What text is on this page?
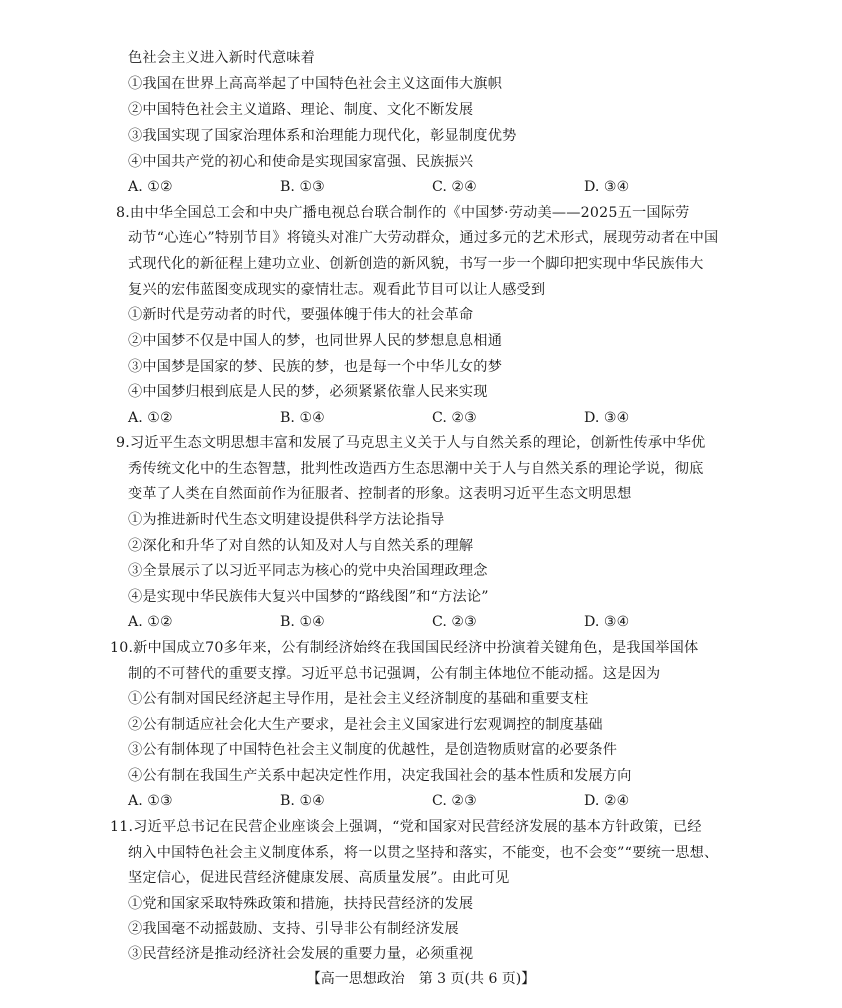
色社会主义进入新时代意味着
①我国在世界上高高举起了中国特色社会主义这面伟大旗帜
②中国特色社会主义道路、理论、制度、文化不断发展
③我国实现了国家治理体系和治理能力现代化，彰显制度优势
④中国共产党的初心和使命是实现国家富强、民族振兴
A. ①②	B. ①③	C. ②④	D. ③④
8.由中华全国总工会和中央广播电视总台联合制作的《中国梦·劳动美——2025五一国际劳
动节“心连心”特别节目》将镜头对准广大劳动群众，通过多元的艺术形式，展现劳动者在中国
式现代化的新征程上建功立业、创新创造的新风貌，书写一步一个脚印把实现中华民族伟大
复兴的宏伟蓝图变成现实的豪情壮志。观看此节目可以让人感受到
①新时代是劳动者的时代，要强体魄于伟大的社会革命
②中国梦不仅是中国人的梦，也同世界人民的梦想息息相通
③中国梦是国家的梦、民族的梦，也是每一个中华儿女的梦
④中国梦归根到底是人民的梦，必须紧紧依靠人民来实现
A. ①②	B. ①④	C. ②③	D. ③④
9.习近平生态文明思想丰富和发展了马克思主义关于人与自然关系的理论，创新性传承中华优
秀传统文化中的生态智慧，批判性改造西方生态思潮中关于人与自然关系的理论学说，彻底
变革了人类在自然面前作为征服者、控制者的形象。这表明习近平生态文明思想
①为推进新时代生态文明建设提供科学方法论指导
②深化和升华了对自然的认知及对人与自然关系的理解
③全景展示了以习近平同志为核心的党中央治国理政理念
④是实现中华民族伟大复兴中国梦的“路线图”和“方法论”
A. ①②	B. ①④	C. ②③	D. ③④
10.新中国成立70多年来，公有制经济始终在我国国民经济中扮演着关键角色，是我国举国体
制的不可替代的重要支撑。习近平总书记强调，公有制主体地位不能动摇。这是因为
①公有制对国民经济起主导作用，是社会主义经济制度的基础和重要支柱
②公有制适应社会化大生产要求，是社会主义国家进行宏观调控的制度基础
③公有制体现了中国特色社会主义制度的优越性，是创造物质财富的必要条件
④公有制在我国生产关系中起决定性作用，决定我国社会的基本性质和发展方向
A. ①③	B. ①④	C. ②③	D. ②④
11.习近平总书记在民营企业座谈会上强调，“党和国家对民营经济发展的基本方针政策，已经
纳入中国特色社会主义制度体系，将一以贯之坚持和落实，不能变，也不会变”“要统一思想、
坚定信心，促进民营经济健康发展、高质量发展”。由此可见
①党和国家采取特殊政策和措施，扶持民营经济的发展
②我国毫不动摇鼓励、支持、引导非公有制经济发展
③民营经济是推动经济社会发展的重要力量，必须重视
【高一思想政治　第 3 页(共 6 页)】
